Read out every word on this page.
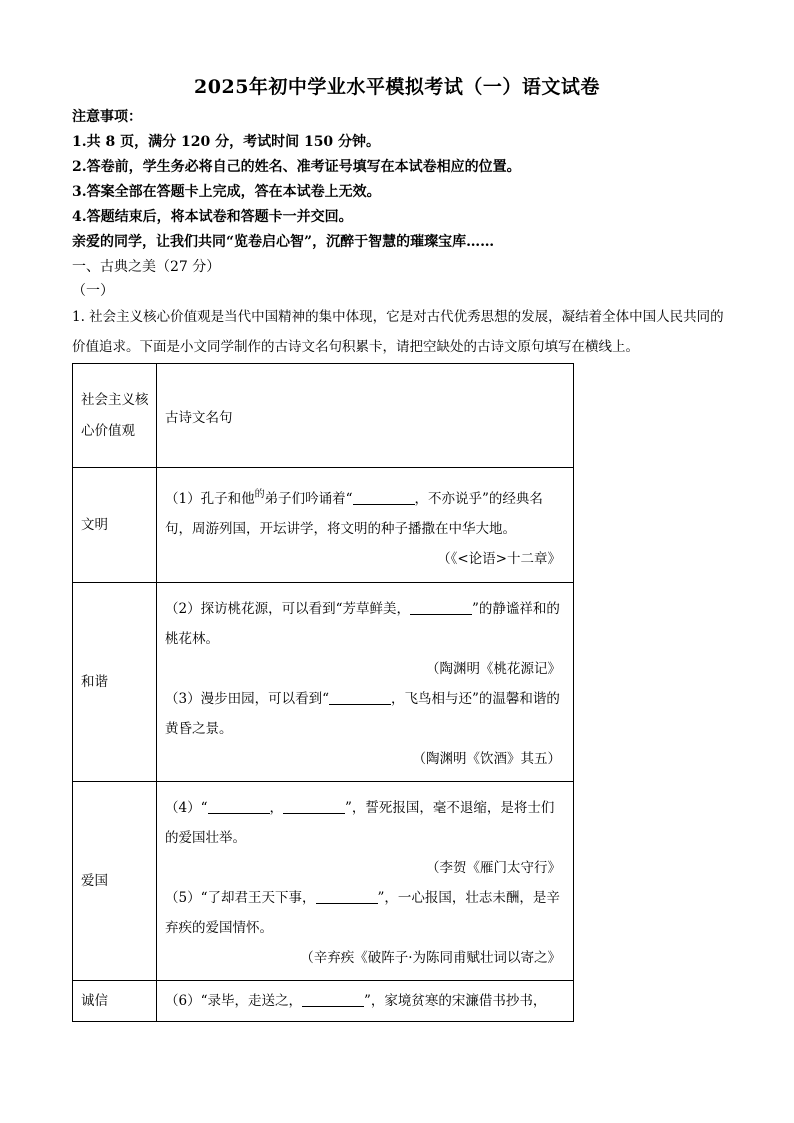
2025年初中学业水平模拟考试（一）语文试卷
注意事项：
1.共 8 页，满分 120 分，考试时间 150 分钟。
2.答卷前，学生务必将自己的姓名、准考证号填写在本试卷相应的位置。
3.答案全部在答题卡上完成，答在本试卷上无效。
4.答题结束后，将本试卷和答题卡一并交回。
亲爱的同学，让我们共同“览卷启心智”，沉醉于智慧的璀璨宝库……
一、古典之美（27 分）
（一）
1. 社会主义核心价值观是当代中国精神的集中体现，它是对古代优秀思想的发展，凝结着全体中国人民共同的价值追求。下面是小文同学制作的古诗文名句积累卡，请把空缺处的古诗文原句填写在横线上。
社会主义核心价值观	古诗文名句
文明	（1）孔子和他$^的$弟子们吟诵着“ ，不亦说乎”的经典名句，周游列国，开坛讲学，将文明的种子播撒在中华大地。
（《<论语>十二章》

和谐	（2）探访桃花源，可以看到“芳草鲜美， ”的静谧祥和的桃花林。
（陶渊明《桃花源记》
（3）漫步田园，可以看到“ ，飞鸟相与还”的温馨和谐的黄昏之景。
（陶渊明《饮酒》其五）

爱国	（4）“ ， ”，誓死报国，毫不退缩，是将士们的爱国壮举。
（李贺《雁门太守行》
（5）“了却君王天下事， ”，一心报国，壮志未酬，是辛弃疾的爱国情怀。
（辛弃疾《破阵子·为陈同甫赋壮词以寄之》

诚信	（6）“录毕，走送之， ”，家境贫寒的宋濂借书抄书，
